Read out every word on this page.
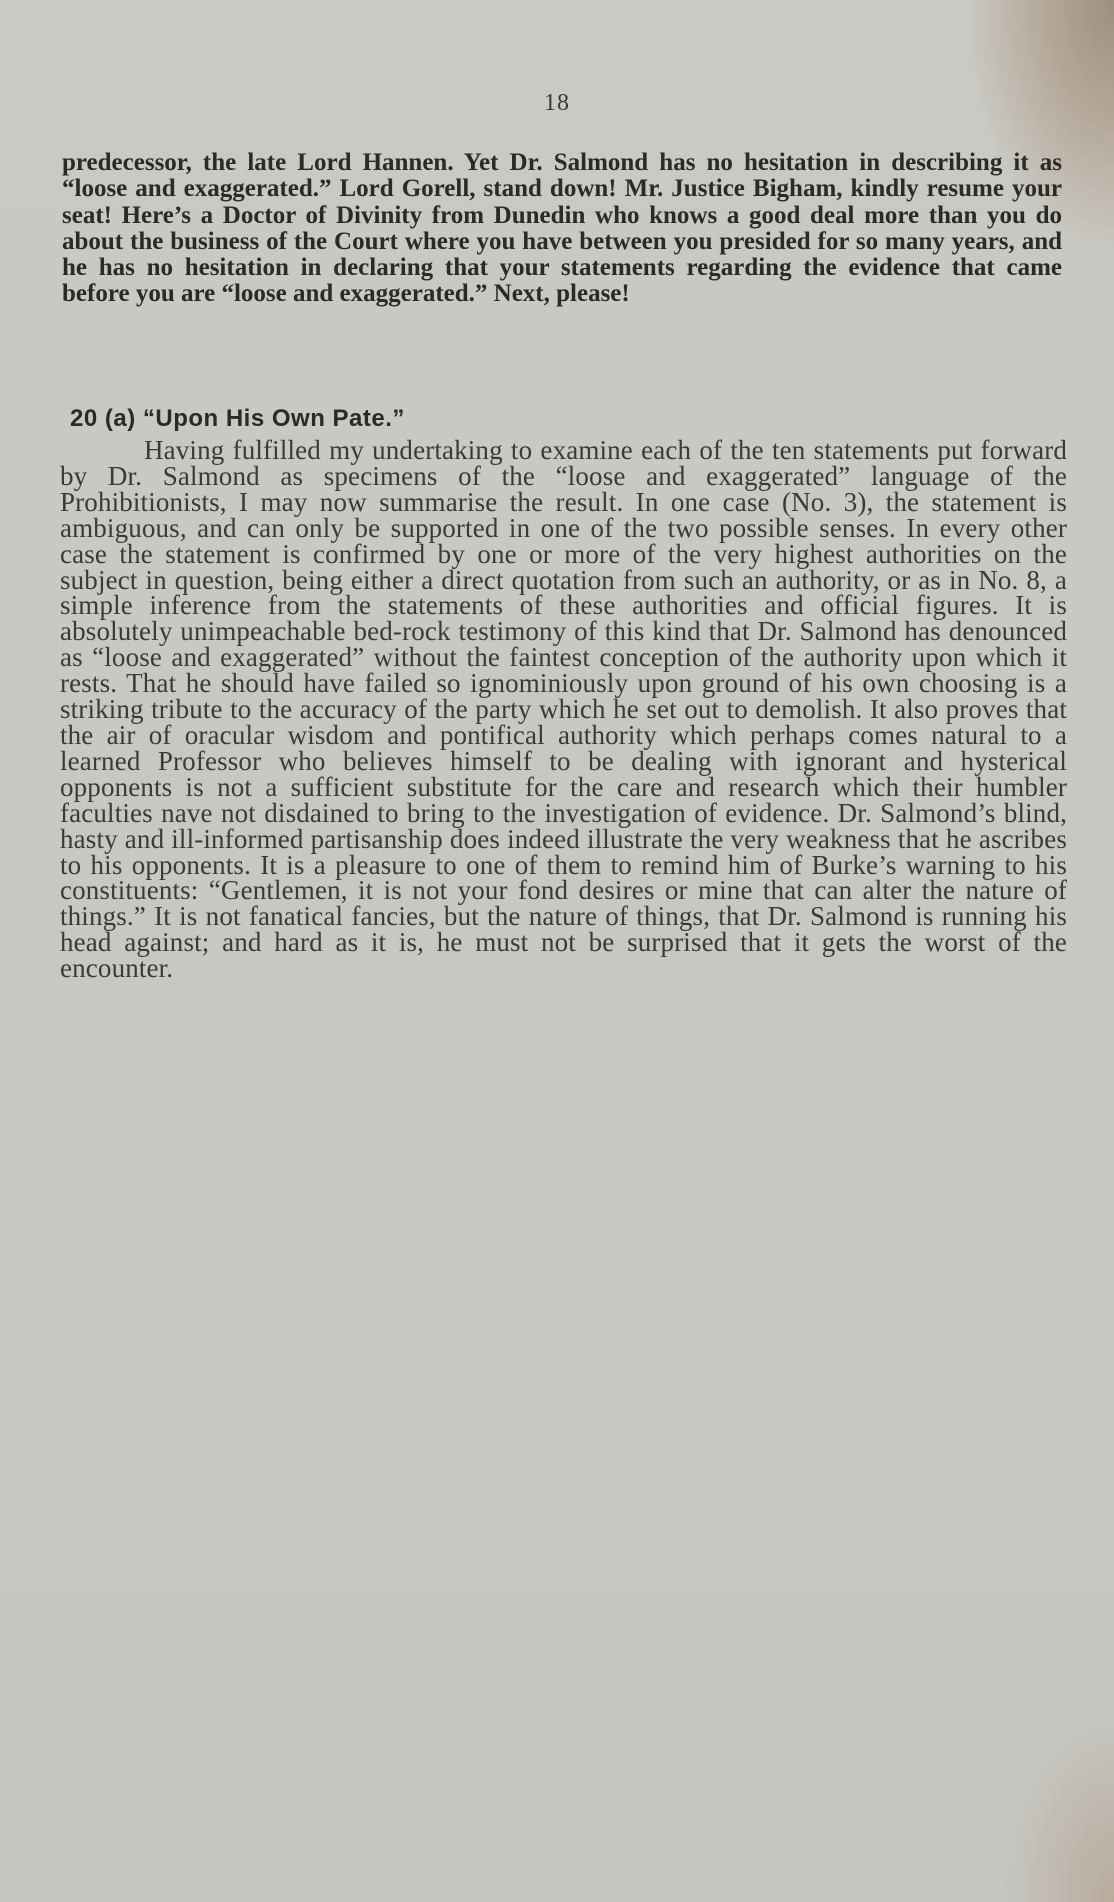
18

predecessor, the late Lord Hannen. Yet Dr. Salmond has no hesitation in describing it as “loose and exaggerated.” Lord Gorell, stand down! Mr. Justice Bigham, kindly resume your seat! Here’s a Doctor of Divinity from Dunedin who knows a good deal more than you do about the business of the Court where you have between you presided for so many years, and he has no hesitation in declaring that your statements regarding the evidence that came before you are “loose and exaggerated.” Next, please!

20 (a) “Upon His Own Pate.”

Having fulfilled my undertaking to examine each of the ten statements put forward by Dr. Salmond as specimens of the “loose and exaggerated” language of the Prohibitionists, I may now summarise the result. In one case (No. 3), the statement is ambiguous, and can only be supported in one of the two possible senses. In every other case the statement is confirmed by one or more of the very highest authorities on the subject in question, being either a direct quotation from such an authority, or as in No. 8, a simple inference from the statements of these authorities and official figures. It is absolutely unimpeachable bed-rock testimony of this kind that Dr. Salmond has denounced as “loose and exaggerated” without the faintest conception of the authority upon which it rests. That he should have failed so ignominiously upon ground of his own choosing is a striking tribute to the accuracy of the party which he set out to demolish. It also proves that the air of oracular wisdom and pontifical authority which perhaps comes natural to a learned Professor who believes himself to be dealing with ignorant and hysterical opponents is not a sufficient substitute for the care and research which their humbler faculties nave not disdained to bring to the investigation of evidence. Dr. Salmond’s blind, hasty and ill-informed partisanship does indeed illustrate the very weakness that he ascribes to his opponents. It is a pleasure to one of them to remind him of Burke’s warning to his constituents: “Gentlemen, it is not your fond desires or mine that can alter the nature of things.” It is not fanatical fancies, but the nature of things, that Dr. Salmond is running his head against; and hard as it is, he must not be surprised that it gets the worst of the encounter.
